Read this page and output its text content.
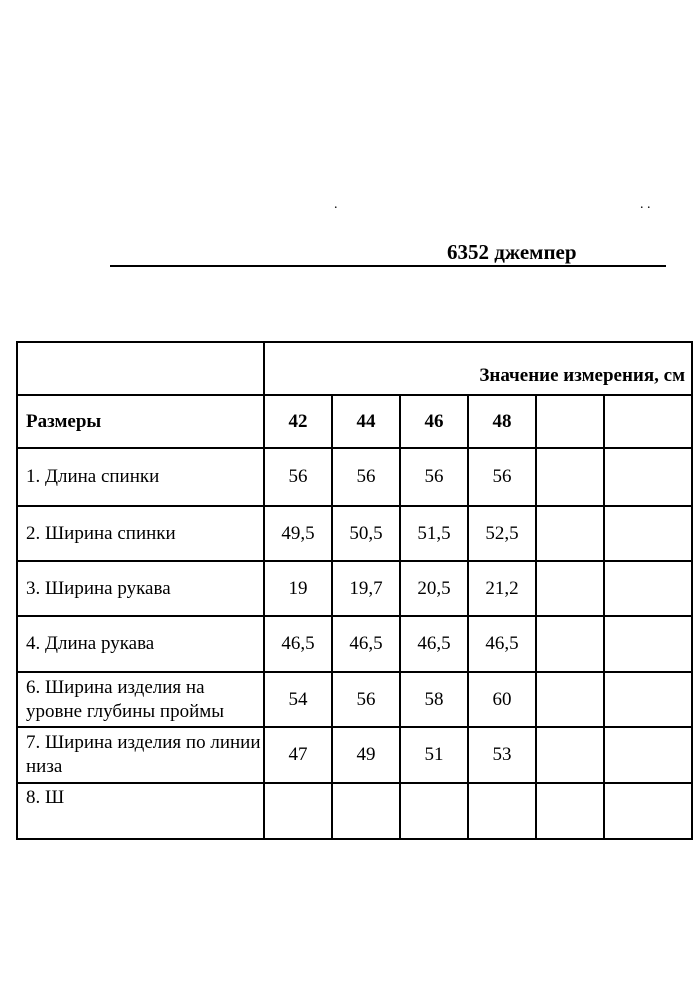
.	. .
6352 джемпер
	Значение измерения, см					
Размеры	42	44	46	48		
1. Длина спинки	56	56	56	56		
2. Ширина спинки	49,5	50,5	51,5	52,5		
3. Ширина рукава	19	19,7	20,5	21,2		
4. Длина рукава	46,5	46,5	46,5	46,5		
6. Ширина изделия на уровне глубины проймы	54	56	58	60		
7. Ширина изделия по линии низа	47	49	51	53		
8. Ш						
